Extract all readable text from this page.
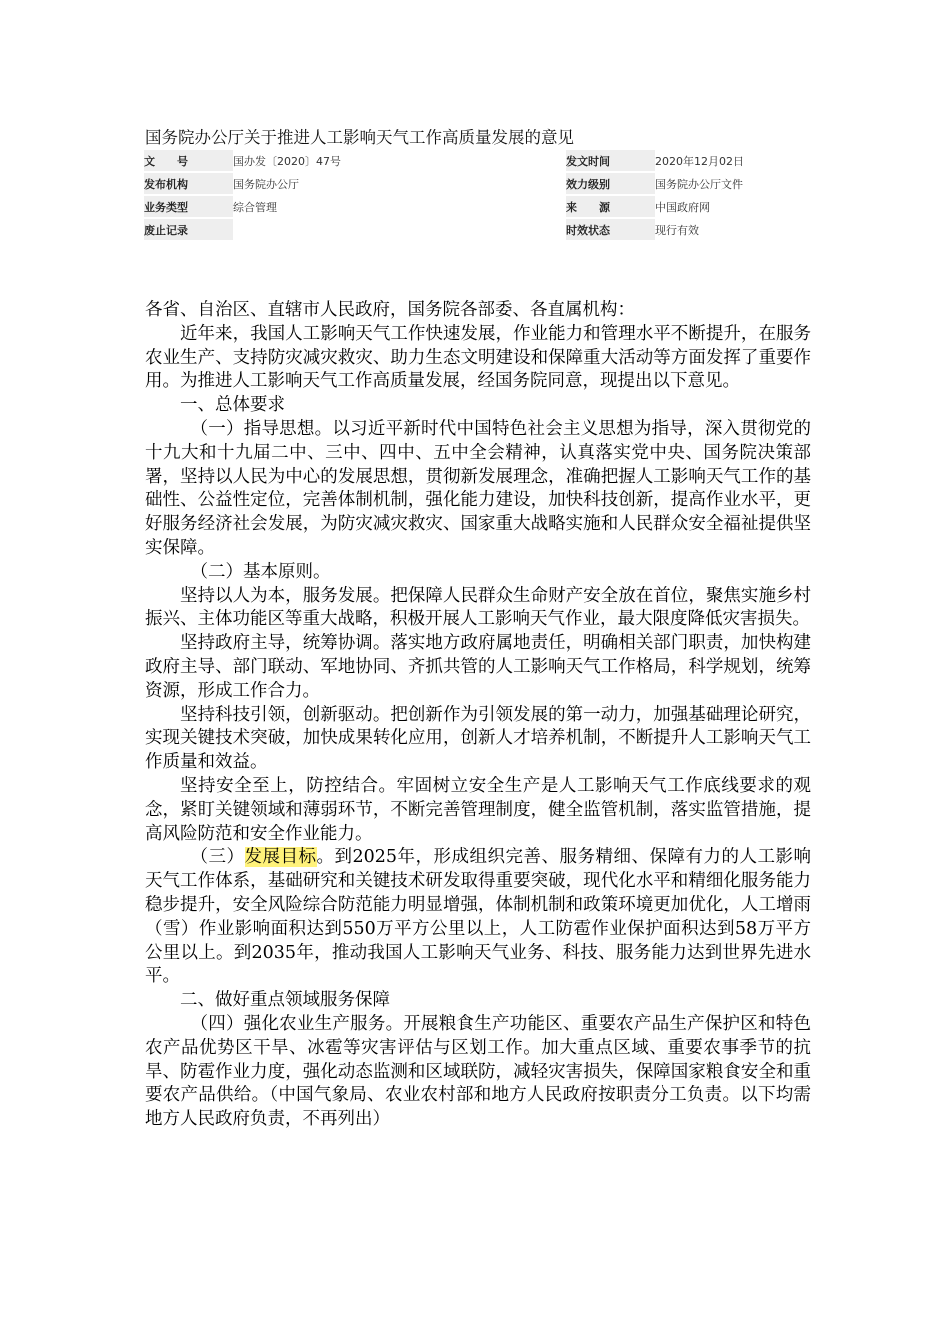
国务院办公厅关于推进人工影响天气工作高质量发展的意见
文　　号	国办发〔2020〕47号	发文时间	2020年12月02日
发布机构	国务院办公厅	效力级别	国务院办公厅文件
业务类型	综合管理	来　　源	中国政府网
废止记录		时效状态	现行有效

各省、自治区、直辖市人民政府，国务院各部委、各直属机构：

近年来，我国人工影响天气工作快速发展，作业能力和管理水平不断提升，在服务农业生产、支持防灾减灾救灾、助力生态文明建设和保障重大活动等方面发挥了重要作用。为推进人工影响天气工作高质量发展，经国务院同意，现提出以下意见。

一、总体要求

（一）指导思想。以习近平新时代中国特色社会主义思想为指导，深入贯彻党的十九大和十九届二中、三中、四中、五中全会精神，认真落实党中央、国务院决策部署，坚持以人民为中心的发展思想，贯彻新发展理念，准确把握人工影响天气工作的基础性、公益性定位，完善体制机制，强化能力建设，加快科技创新，提高作业水平，更好服务经济社会发展，为防灾减灾救灾、国家重大战略实施和人民群众安全福祉提供坚实保障。

（二）基本原则。

坚持以人为本，服务发展。把保障人民群众生命财产安全放在首位，聚焦实施乡村振兴、主体功能区等重大战略，积极开展人工影响天气作业，最大限度降低灾害损失。

坚持政府主导，统筹协调。落实地方政府属地责任，明确相关部门职责，加快构建政府主导、部门联动、军地协同、齐抓共管的人工影响天气工作格局，科学规划，统筹资源，形成工作合力。

坚持科技引领，创新驱动。把创新作为引领发展的第一动力，加强基础理论研究，实现关键技术突破，加快成果转化应用，创新人才培养机制，不断提升人工影响天气工作质量和效益。

坚持安全至上，防控结合。牢固树立安全生产是人工影响天气工作底线要求的观念，紧盯关键领域和薄弱环节，不断完善管理制度，健全监管机制，落实监管措施，提高风险防范和安全作业能力。

（三）发展目标。到2025年，形成组织完善、服务精细、保障有力的人工影响天气工作体系，基础研究和关键技术研发取得重要突破，现代化水平和精细化服务能力稳步提升，安全风险综合防范能力明显增强，体制机制和政策环境更加优化，人工增雨（雪）作业影响面积达到550万平方公里以上，人工防雹作业保护面积达到58万平方公里以上。到2035年，推动我国人工影响天气业务、科技、服务能力达到世界先进水平。

二、做好重点领域服务保障

（四）强化农业生产服务。开展粮食生产功能区、重要农产品生产保护区和特色农产品优势区干旱、冰雹等灾害评估与区划工作。加大重点区域、重要农事季节的抗旱、防雹作业力度，强化动态监测和区域联防，减轻灾害损失，保障国家粮食安全和重要农产品供给。（中国气象局、农业农村部和地方人民政府按职责分工负责。以下均需地方人民政府负责，不再列出）
